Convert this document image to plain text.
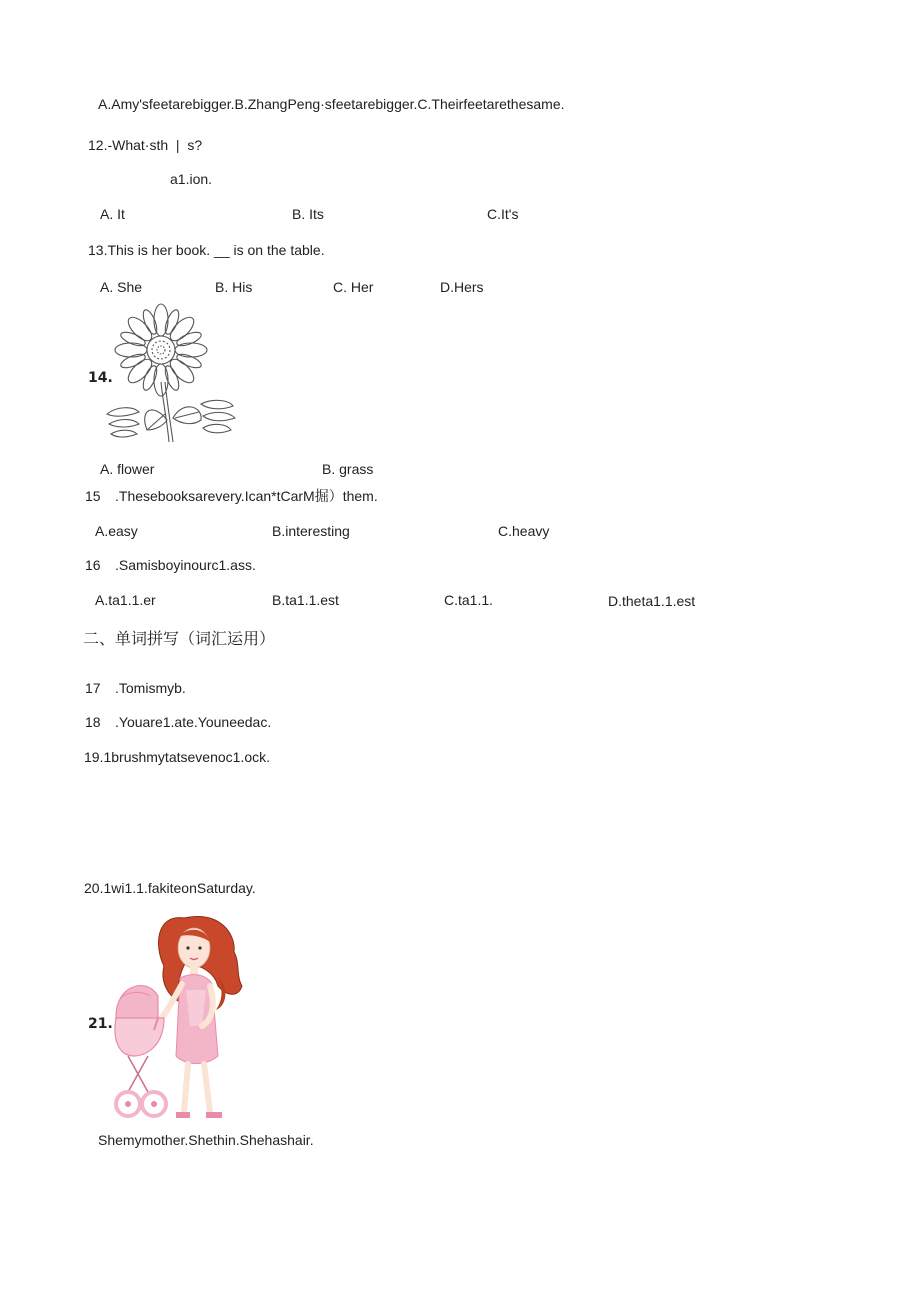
A.Amy'sfeetarebigger.B.ZhangPeng·sfeetarebigger.C.Theirfeetarethesame.
12.-What·sth  |  s?
a1.ion.
A. It	B. Its	C.It's
13.This is her book. __ is on the table.
A. She	B. His	C. Her	D.Hers
14.
A. flower	B. grass
15 .Thesebooksarevery.Ican*tCarM掘）them.
A.easy	B.interesting	C.heavy
16 .Samisboyinourc1.ass.
A.ta1.1.er	B.ta1.1.est	C.ta1.1.	D.theta1.1.est
二、单词拼写（词汇运用）
17 .Tomismyb.
18 .Youare1.ate.Youneedac.
19.1brushmytatsevenoc1.ock.
20.1wi1.1.fakiteonSaturday.
21.
Shemymother.Shethin.Shehashair.
